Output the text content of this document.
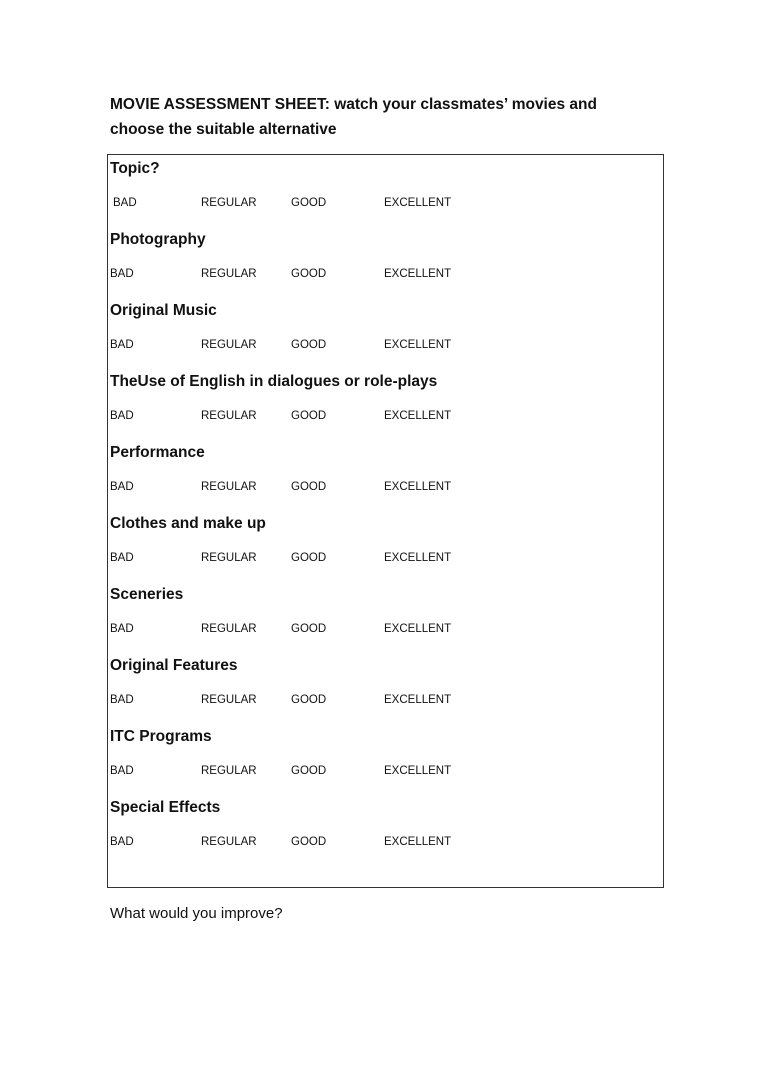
MOVIE ASSESSMENT SHEET: watch your classmates’ movies and
choose the suitable alternative
Topic?
BAD	REGULAR	GOOD	EXCELLENT
Photography
BAD	REGULAR	GOOD	EXCELLENT
Original Music
BAD	REGULAR	GOOD	EXCELLENT
TheUse of English in dialogues or role-plays
BAD	REGULAR	GOOD	EXCELLENT
Performance
BAD	REGULAR	GOOD	EXCELLENT
Clothes and make up
BAD	REGULAR	GOOD	EXCELLENT
Sceneries
BAD	REGULAR	GOOD	EXCELLENT
Original Features
BAD	REGULAR	GOOD	EXCELLENT
ITC Programs
BAD	REGULAR	GOOD	EXCELLENT
Special Effects
BAD	REGULAR	GOOD	EXCELLENT

What would you improve?
